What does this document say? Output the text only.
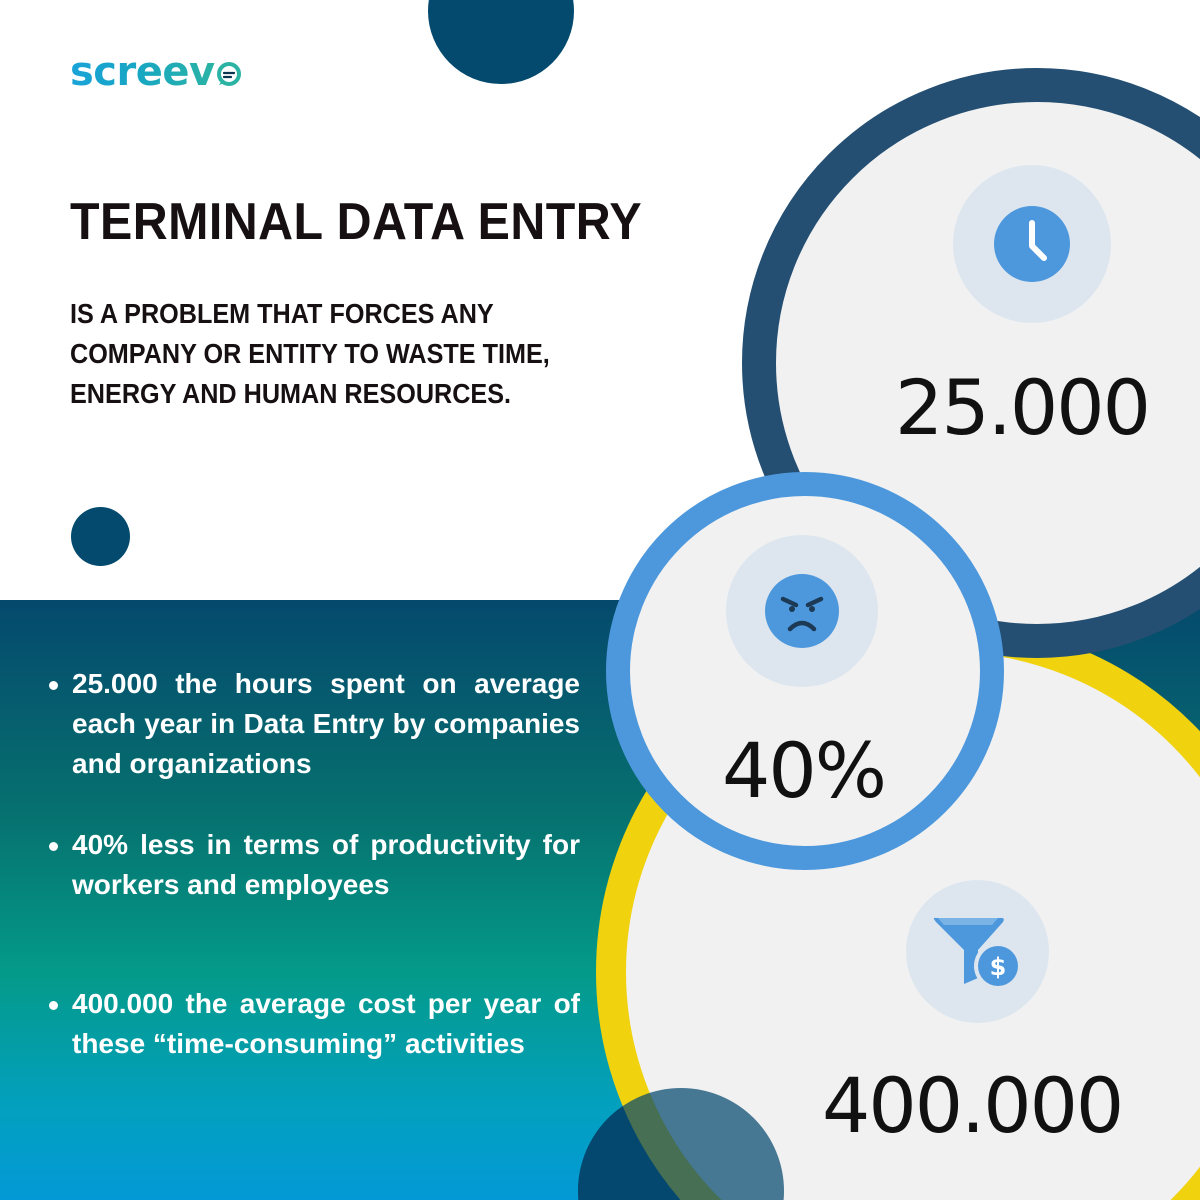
$
25.000
40%
400.000
screev
TERMINAL DATA ENTRY
IS A PROBLEM THAT FORCES ANY
COMPANY OR ENTITY TO WASTE TIME,
ENERGY AND HUMAN RESOURCES.
25.000 the hours spent on average each year in Data Entry by companies and organizations
40% less in terms of productivity for workers and employees
400.000 the average cost per year of these “time-consuming” activities
